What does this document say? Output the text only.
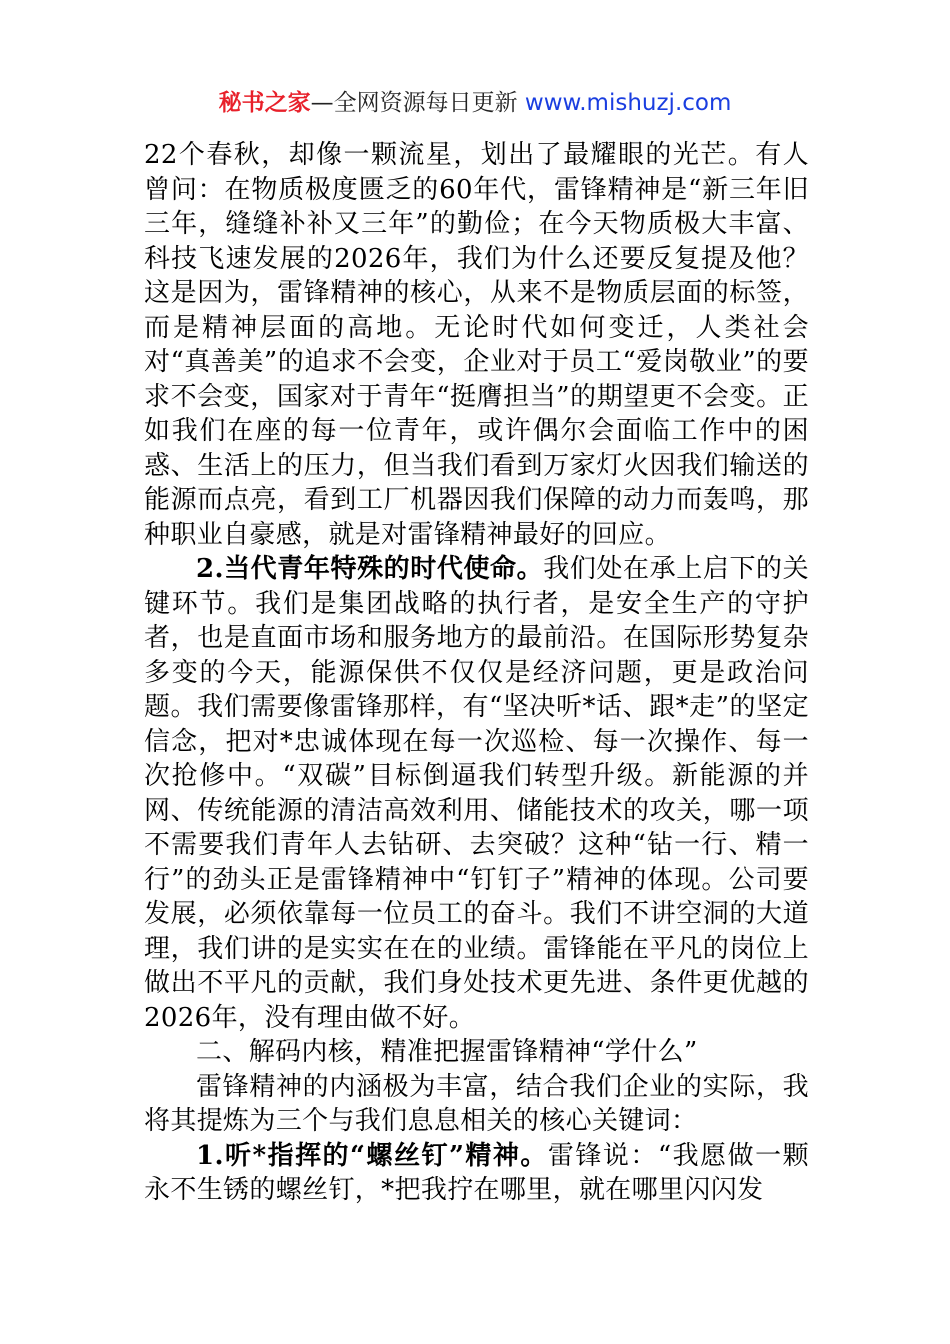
秘书之家—全网资源每日更新 www.mishuzj.com

22个春秋，却像一颗流星，划出了最耀眼的光芒。有人曾问：在物质极度匮乏的60年代，雷锋精神是“新三年旧三年，缝缝补补又三年”的勤俭；在今天物质极大丰富、科技飞速发展的2026年，我们为什么还要反复提及他？这是因为，雷锋精神的核心，从来不是物质层面的标签，而是精神层面的高地。无论时代如何变迁，人类社会对“真善美”的追求不会变，企业对于员工“爱岗敬业”的要求不会变，国家对于青年“挺膺担当”的期望更不会变。正如我们在座的每一位青年，或许偶尔会面临工作中的困惑、生活上的压力，但当我们看到万家灯火因我们输送的能源而点亮，看到工厂机器因我们保障的动力而轰鸣，那种职业自豪感，就是对雷锋精神最好的回应。

2.当代青年特殊的时代使命。我们处在承上启下的关键环节。我们是集团战略的执行者，是安全生产的守护者，也是直面市场和服务地方的最前沿。在国际形势复杂多变的今天，能源保供不仅仅是经济问题，更是政治问题。我们需要像雷锋那样，有“坚决听*话、跟*走”的坚定信念，把对*忠诚体现在每一次巡检、每一次操作、每一次抢修中。“双碳”目标倒逼我们转型升级。新能源的并网、传统能源的清洁高效利用、储能技术的攻关，哪一项不需要我们青年人去钻研、去突破？这种“钻一行、精一行”的劲头正是雷锋精神中“钉钉子”精神的体现。公司要发展，必须依靠每一位员工的奋斗。我们不讲空洞的大道理，我们讲的是实实在在的业绩。雷锋能在平凡的岗位上做出不平凡的贡献，我们身处技术更先进、条件更优越的2026年，没有理由做不好。

二、解码内核，精准把握雷锋精神“学什么”

雷锋精神的内涵极为丰富，结合我们企业的实际，我将其提炼为三个与我们息息相关的核心关键词：

1.听*指挥的“螺丝钉”精神。雷锋说：“我愿做一颗永不生锈的螺丝钉，*把我拧在哪里，就在哪里闪闪发
